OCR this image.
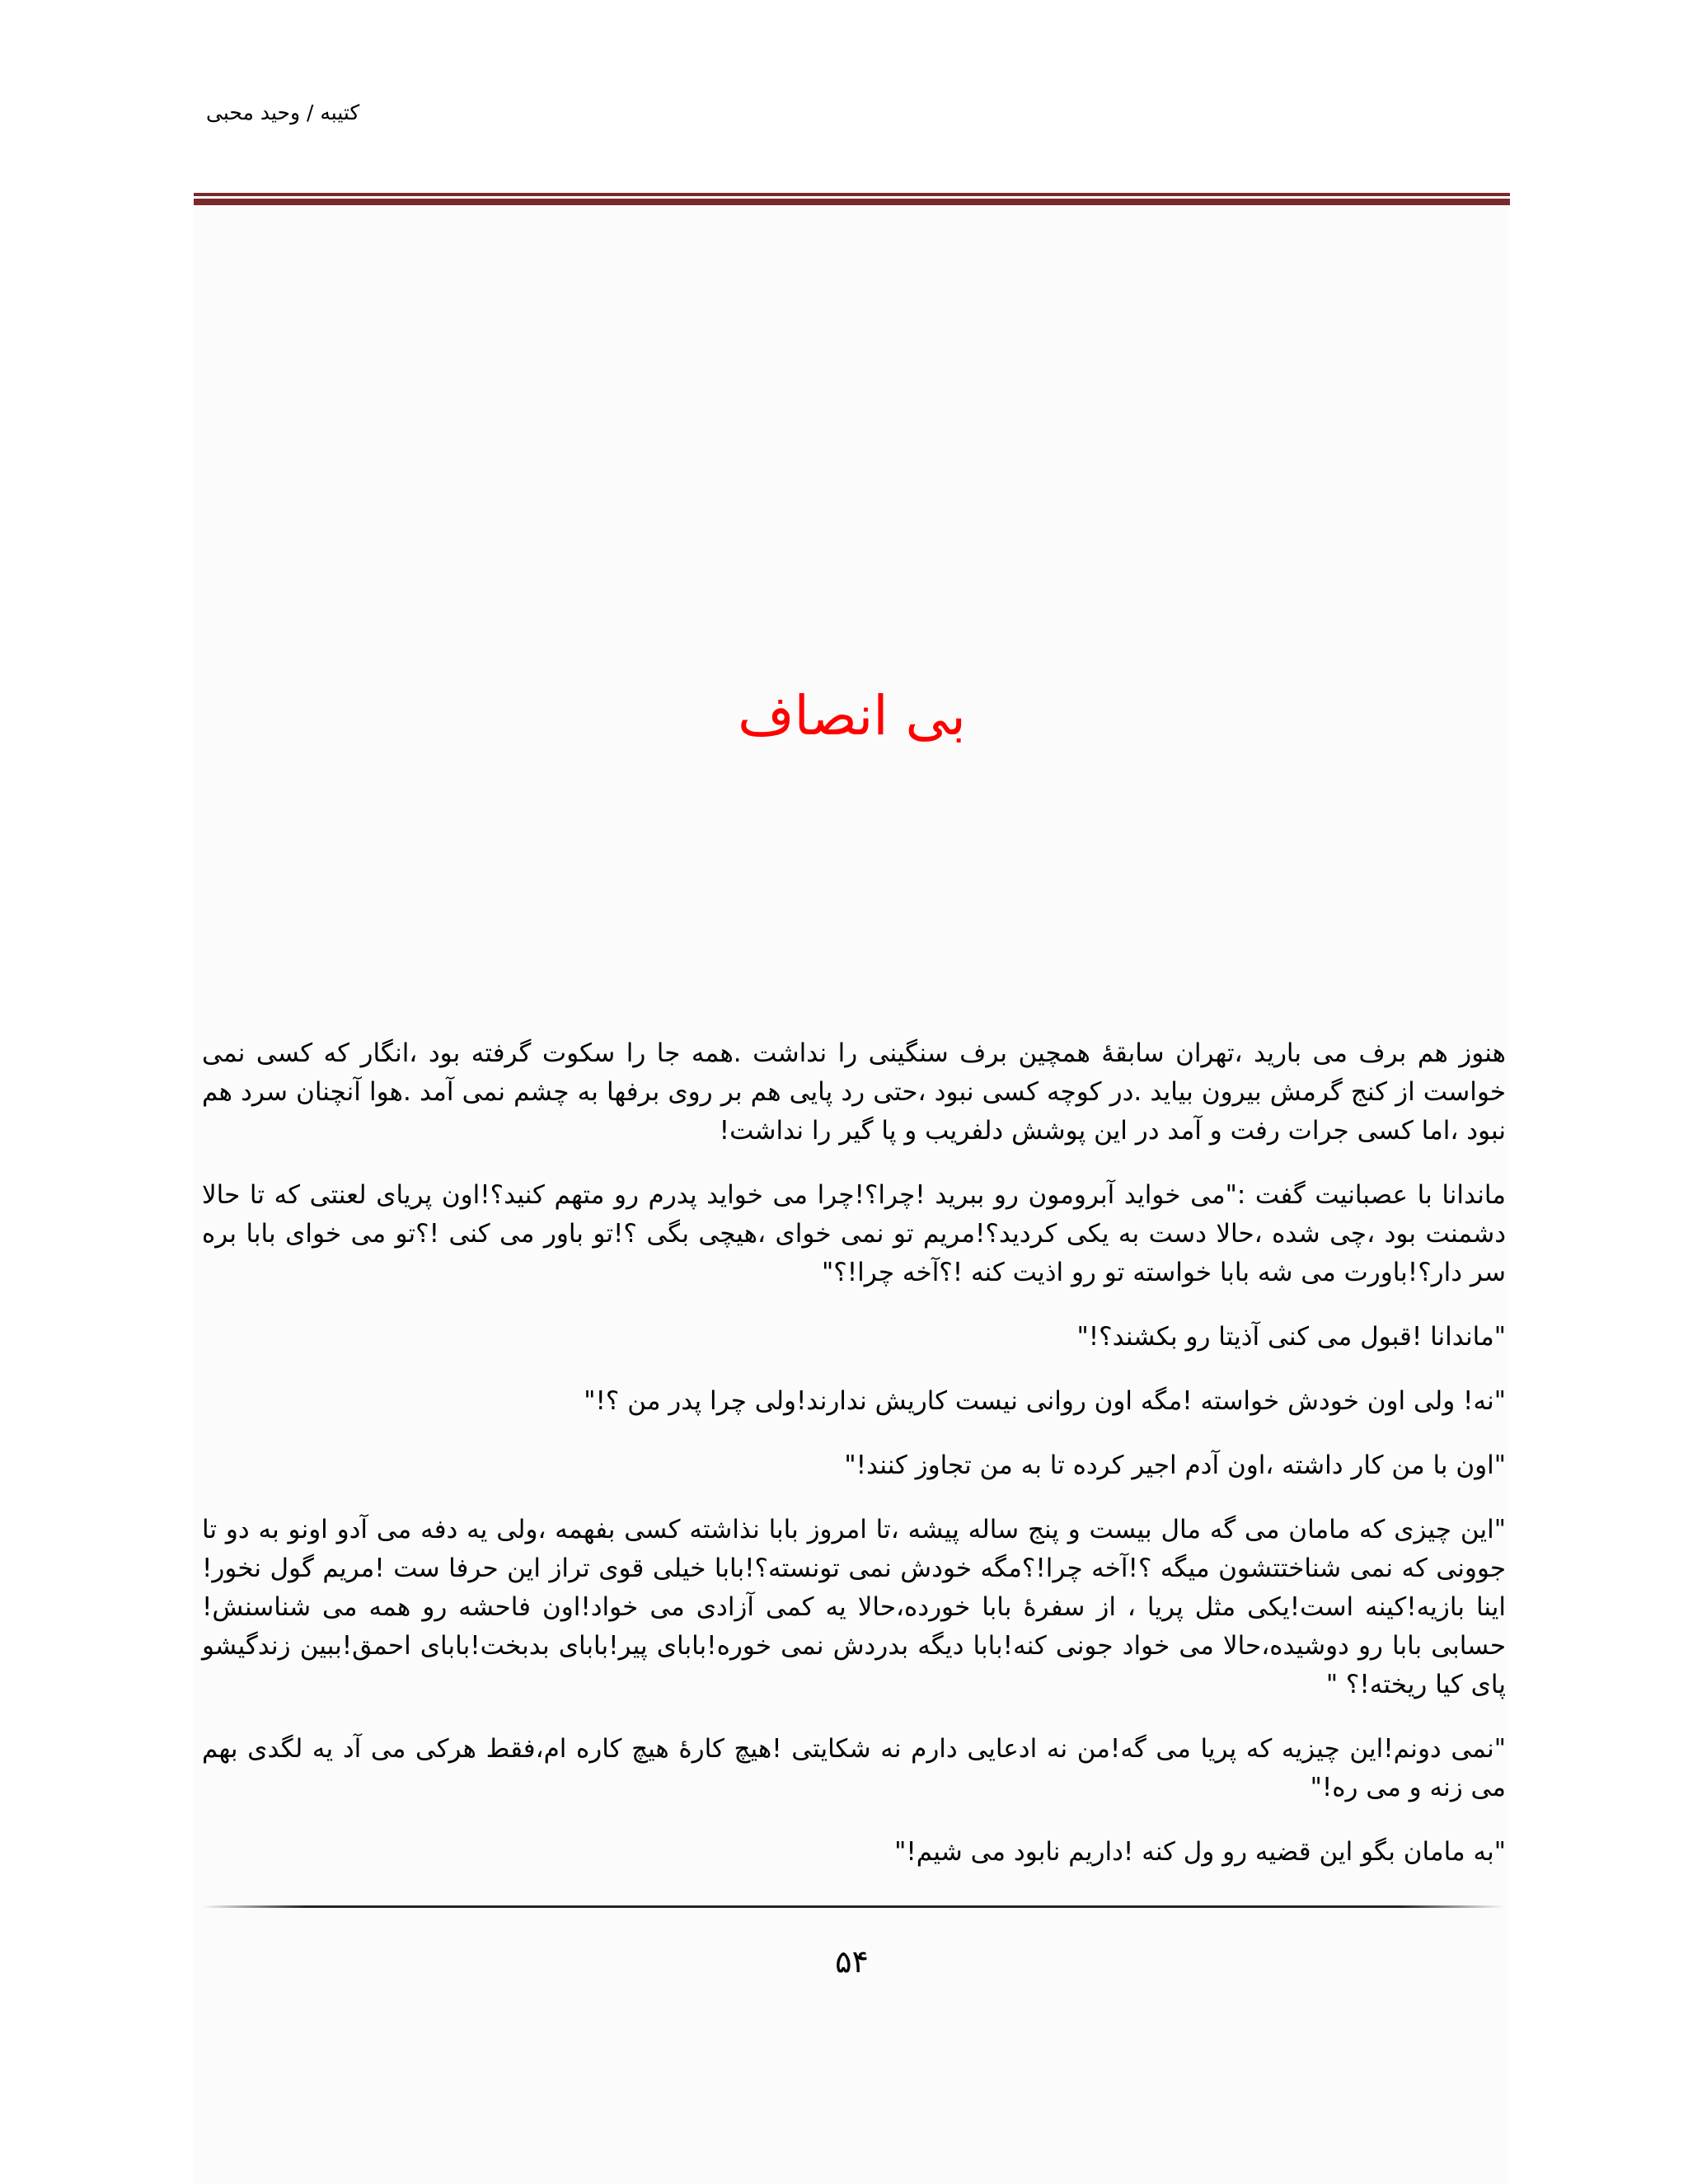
کتیبه / وحید محبی
بی انصاف

هنوز هم برف می بارید ،تهران سابقۀ همچین برف سنگینی را نداشت .همه جا را سکوت گرفته بود ،انگار که کسی نمی خواست از کنج گرمش بیرون بیاید .در کوچه کسی نبود ،حتی رد پایی هم بر روی برفها به چشم نمی آمد .هوا آنچنان سرد هم نبود ،اما کسی جرات رفت و آمد در این پوشش دلفریب و پا گیر را نداشت!

ماندانا با عصبانیت گفت :"می خواید آبرومون رو ببرید !چرا؟!چرا می خواید پدرم رو متهم کنید؟!اون پریای لعنتی که تا حالا دشمنت بود ،چی شده ،حالا دست به یکی کردید؟!مریم تو نمی خوای ،هیچی بگی ؟!تو باور می کنی !؟تو می خوای بابا بره سر دار؟!باورت می شه بابا خواسته تو رو اذیت کنه !؟آخه چرا!؟"

"ماندانا !قبول می کنی آذیتا رو بکشند؟!"

"نه! ولی اون خودش خواسته !مگه اون روانی نیست کاریش ندارند!ولی چرا پدر من ؟!"

"اون با من کار داشته ،اون آدم اجیر کرده تا به من تجاوز کنند!"

"این چیزی که مامان می گه مال بیست و پنج ساله پیشه ،تا امروز بابا نذاشته کسی بفهمه ،ولی یه دفه می آدو اونو به دو تا جوونی که نمی شناختتشون میگه ؟!آخه چرا!؟مگه خودش نمی تونسته؟!بابا خیلی قوی تراز این حرفا ست !مریم گول نخور!اینا بازیه!کینه است!یکی مثل پریا ، از سفرۀ بابا خورده،حالا یه کمی آزادی می خواد!اون فاحشه رو همه می شناسنش!حسابی بابا رو دوشیده،حالا می خواد جونی کنه!بابا دیگه بدردش نمی خوره!بابای پیر!بابای بدبخت!بابای احمق!ببین زندگیشو پای کیا ریخته!؟ "

"نمی دونم!این چیزیه که پریا می گه!من نه ادعایی دارم نه شکایتی !هیچ کارۀ هیچ کاره ام،فقط هرکی می آد یه لگدی بهم می زنه و می ره!"

"به مامان بگو این قضیه رو ول کنه !داریم نابود می شیم!"

۵۴
